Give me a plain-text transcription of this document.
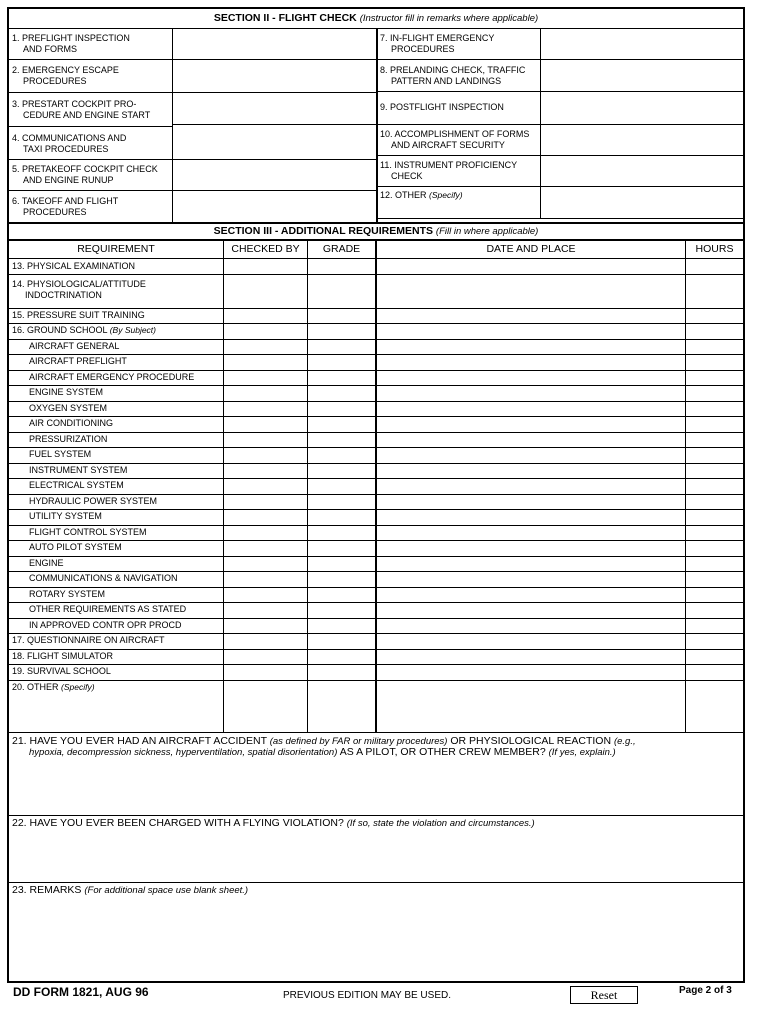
SECTION II - FLIGHT CHECK (Instructor fill in remarks where applicable)
1. PREFLIGHT INSPECTION
AND FORMS
2. EMERGENCY ESCAPE
PROCEDURES
3. PRESTART COCKPIT PRO-
CEDURE AND ENGINE START
4. COMMUNICATIONS AND
TAXI PROCEDURES
5. PRETAKEOFF COCKPIT CHECK
AND ENGINE RUNUP
6. TAKEOFF AND FLIGHT
PROCEDURES
7. IN-FLIGHT EMERGENCY
PROCEDURES
8. PRELANDING CHECK, TRAFFIC
PATTERN AND LANDINGS
9. POSTFLIGHT INSPECTION
10. ACCOMPLISHMENT OF FORMS
AND AIRCRAFT SECURITY
11. INSTRUMENT PROFICIENCY
CHECK
12. OTHER (Specify)
SECTION III - ADDITIONAL REQUIREMENTS (Fill in where applicable)
REQUIREMENT	CHECKED BY	GRADE	DATE AND PLACE	HOURS
13. PHYSICAL EXAMINATION
14. PHYSIOLOGICAL/ATTITUDE
INDOCTRINATION
15. PRESSURE SUIT TRAINING
16. GROUND SCHOOL (By Subject)
AIRCRAFT GENERAL
AIRCRAFT PREFLIGHT
AIRCRAFT EMERGENCY PROCEDURE
ENGINE SYSTEM
OXYGEN SYSTEM
AIR CONDITIONING
PRESSURIZATION
FUEL SYSTEM
INSTRUMENT SYSTEM
ELECTRICAL SYSTEM
HYDRAULIC POWER SYSTEM
UTILITY SYSTEM
FLIGHT CONTROL SYSTEM
AUTO PILOT SYSTEM
ENGINE
COMMUNICATIONS & NAVIGATION
ROTARY SYSTEM
OTHER REQUIREMENTS AS STATED
IN APPROVED CONTR OPR PROCD
17. QUESTIONNAIRE ON AIRCRAFT
18. FLIGHT SIMULATOR
19. SURVIVAL SCHOOL
20. OTHER (Specify)
21. HAVE YOU EVER HAD AN AIRCRAFT ACCIDENT (as defined by FAR or military procedures) OR PHYSIOLOGICAL REACTION (e.g.,
hypoxia, decompression sickness, hyperventilation, spatial disorientation) AS A PILOT, OR OTHER CREW MEMBER? (If yes, explain.)
22. HAVE YOU EVER BEEN CHARGED WITH A FLYING VIOLATION? (If so, state the violation and circumstances.)
23. REMARKS (For additional space use blank sheet.)
DD FORM 1821, AUG 96	PREVIOUS EDITION MAY BE USED.	Reset	Page 2 of 3
